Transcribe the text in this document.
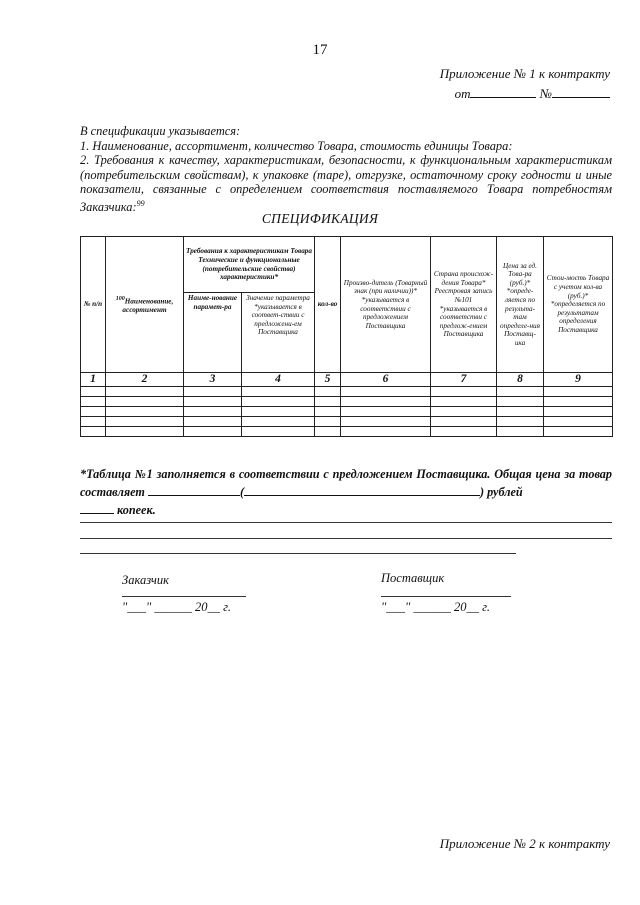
17
Приложение № 1 к контракту
от	№

В спецификации указывается:

1. Наименование, ассортимент, количество Товара, стоимость единицы Товара:

2. Требования к качеству, характеристикам, безопасности, к функциональным характеристикам (потребительским свойствам), к упаковке (таре), отгрузке, остаточному сроку годности и иные показатели, связанные с определением соответствия поставляемого Товара потребностям Заказчика:$^{99}$

СПЕЦИФИКАЦИЯ
№ п/п	$^{100}$Наименование, ассортимент	Требования к характеристикам Товара Технические и функциональные (потребительские свойства) характеристики*		кол-во	Произво-дитель (Товарный знак (при наличии))* *указывается в соответствии с предложением Поставщика	Страна происхож-дения Товара* Реестровая запись №101 *указывается в соответстви с предлож-ением Поставщика	Цена за ед. Това-ра (руб.)* *опреде-ляется по результа-там определе-ния Поставщ-ика	Стои-мость Товара с учетом кол-ва (руб.)* *определяется по результатам определения Поставщика
		Наиме-нование парамет-ра	Значение параметра *указывается в соответ-ствии с предложени-ем Поставщика					
1	2	3	4	5	6	7	8	9

*Таблица №1 заполняется в соответствии с предложением Поставщика. Общая цена за товар составляет	(	) рублей

копеек.

Заказчик
"___" ______ 20__ г.
Поставщик
"___" ______ 20__ г.
Приложение № 2 к контракту
